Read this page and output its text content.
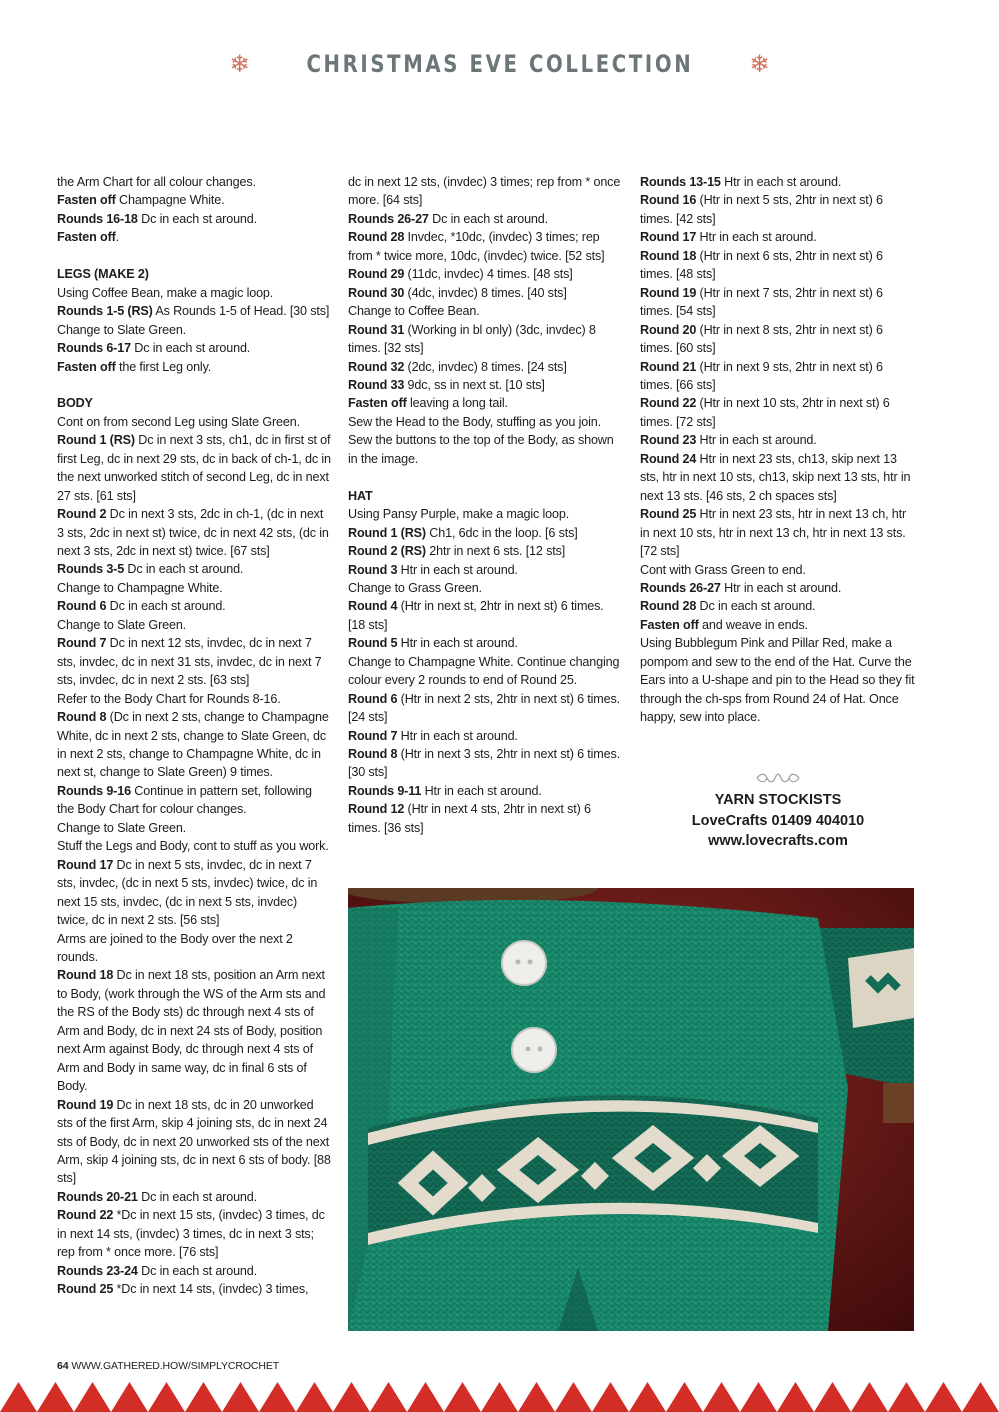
❄ CHRISTMAS EVE COLLECTION ❄

the Arm Chart for all colour changes.

Fasten off Champagne White.

Rounds 16-18 Dc in each st around.

Fasten off.

LEGS (MAKE 2)

Using Coffee Bean, make a magic loop.

Rounds 1-5 (RS) As Rounds 1-5 of Head. [30 sts]

Change to Slate Green.

Rounds 6-17 Dc in each st around.

Fasten off the first Leg only.

BODY

Cont on from second Leg using Slate Green.

Round 1 (RS) Dc in next 3 sts, ch1, dc in first st of first Leg, dc in next 29 sts, dc in back of ch-1, dc in the next unworked stitch of second Leg, dc in next 27 sts. [61 sts]

Round 2 Dc in next 3 sts, 2dc in ch-1, (dc in next 3 sts, 2dc in next st) twice, dc in next 42 sts, (dc in next 3 sts, 2dc in next st) twice. [67 sts]

Rounds 3-5 Dc in each st around.

Change to Champagne White.

Round 6 Dc in each st around.

Change to Slate Green.

Round 7 Dc in next 12 sts, invdec, dc in next 7 sts, invdec, dc in next 31 sts, invdec, dc in next 7 sts, invdec, dc in next 2 sts. [63 sts]

Refer to the Body Chart for Rounds 8-16.

Round 8 (Dc in next 2 sts, change to Champagne White, dc in next 2 sts, change to Slate Green, dc in next 2 sts, change to Champagne White, dc in next st, change to Slate Green) 9 times.

Rounds 9-16 Continue in pattern set, following the Body Chart for colour changes.

Change to Slate Green.

Stuff the Legs and Body, cont to stuff as you work.

Round 17 Dc in next 5 sts, invdec, dc in next 7 sts, invdec, (dc in next 5 sts, invdec) twice, dc in next 15 sts, invdec, (dc in next 5 sts, invdec) twice, dc in next 2 sts. [56 sts]

Arms are joined to the Body over the next 2 rounds.

Round 18 Dc in next 18 sts, position an Arm next to Body, (work through the WS of the Arm sts and the RS of the Body sts) dc through next 4 sts of Arm and Body, dc in next 24 sts of Body, position next Arm against Body, dc through next 4 sts of Arm and Body in same way, dc in final 6 sts of Body.

Round 19 Dc in next 18 sts, dc in 20 unworked sts of the first Arm, skip 4 joining sts, dc in next 24 sts of Body, dc in next 20 unworked sts of the next Arm, skip 4 joining sts, dc in next 6 sts of body. [88 sts]

Rounds 20-21 Dc in each st around.

Round 22 *Dc in next 15 sts, (invdec) 3 times, dc in next 14 sts, (invdec) 3 times, dc in next 3 sts; rep from * once more. [76 sts]

Rounds 23-24 Dc in each st around.

Round 25 *Dc in next 14 sts, (invdec) 3 times,

dc in next 12 sts, (invdec) 3 times; rep from * once more. [64 sts]

Rounds 26-27 Dc in each st around.

Round 28 Invdec, *10dc, (invdec) 3 times; rep from * twice more, 10dc, (invdec) twice. [52 sts]

Round 29 (11dc, invdec) 4 times. [48 sts]

Round 30 (4dc, invdec) 8 times. [40 sts]

Change to Coffee Bean.

Round 31 (Working in bl only) (3dc, invdec) 8 times. [32 sts]

Round 32 (2dc, invdec) 8 times. [24 sts]

Round 33 9dc, ss in next st. [10 sts]

Fasten off leaving a long tail.

Sew the Head to the Body, stuffing as you join. Sew the buttons to the top of the Body, as shown in the image.

HAT

Using Pansy Purple, make a magic loop.

Round 1 (RS) Ch1, 6dc in the loop. [6 sts]

Round 2 (RS) 2htr in next 6 sts. [12 sts]

Round 3 Htr in each st around.

Change to Grass Green.

Round 4 (Htr in next st, 2htr in next st) 6 times. [18 sts]

Round 5 Htr in each st around.

Change to Champagne White. Continue changing colour every 2 rounds to end of Round 25.

Round 6 (Htr in next 2 sts, 2htr in next st) 6 times. [24 sts]

Round 7 Htr in each st around.

Round 8 (Htr in next 3 sts, 2htr in next st) 6 times. [30 sts]

Rounds 9-11 Htr in each st around.

Round 12 (Htr in next 4 sts, 2htr in next st) 6 times. [36 sts]

Rounds 13-15 Htr in each st around.

Round 16 (Htr in next 5 sts, 2htr in next st) 6 times. [42 sts]

Round 17 Htr in each st around.

Round 18 (Htr in next 6 sts, 2htr in next st) 6 times. [48 sts]

Round 19 (Htr in next 7 sts, 2htr in next st) 6 times. [54 sts]

Round 20 (Htr in next 8 sts, 2htr in next st) 6 times. [60 sts]

Round 21 (Htr in next 9 sts, 2htr in next st) 6 times. [66 sts]

Round 22 (Htr in next 10 sts, 2htr in next st) 6 times. [72 sts]

Round 23 Htr in each st around.

Round 24 Htr in next 23 sts, ch13, skip next 13 sts, htr in next 10 sts, ch13, skip next 13 sts, htr in next 13 sts. [46 sts, 2 ch spaces sts]

Round 25 Htr in next 23 sts, htr in next 13 ch, htr in next 10 sts, htr in next 13 ch, htr in next 13 sts. [72 sts]

Cont with Grass Green to end.

Rounds 26-27 Htr in each st around.

Round 28 Dc in each st around.

Fasten off and weave in ends.

Using Bubblegum Pink and Pillar Red, make a pompom and sew to the end of the Hat. Curve the Ears into a U-shape and pin to the Head so they fit through the ch-sps from Round 24 of Hat. Once happy, sew into place.

YARN STOCKISTS
LoveCrafts 01409 404010
www.lovecrafts.com
64 WWW.GATHERED.HOW/SIMPLYCROCHET
